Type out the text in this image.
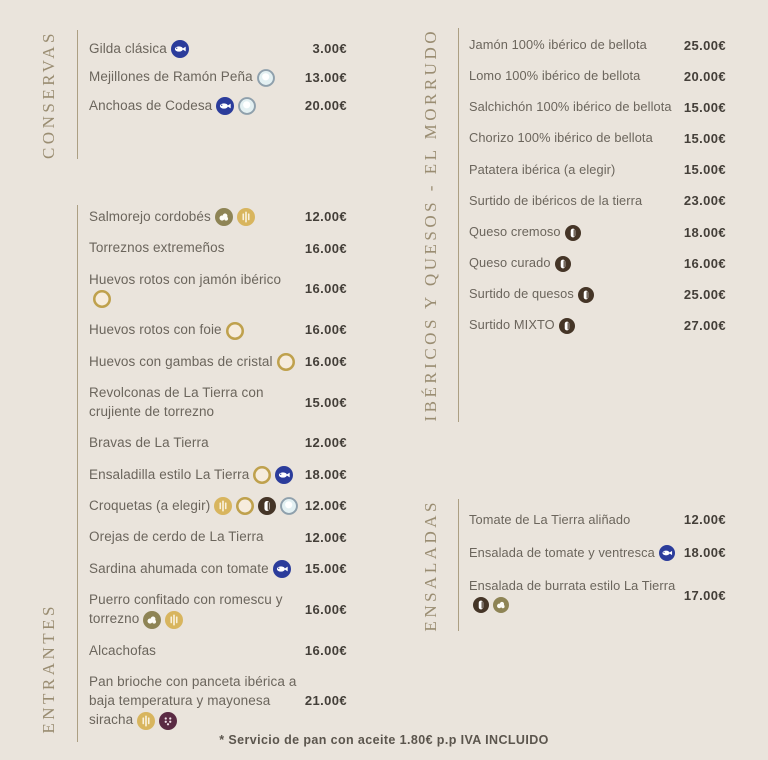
CONSERVAS Gilda clásica	3.00€
Mejillones de Ramón Peña	13.00€
Anchoas de Codesa	20.00€
ENTRANTES
Salmorejo cordobés	12.00€
Torreznos extremeños	16.00€
Huevos rotos con jamón ibérico
16.00€
Huevos rotos con foie	16.00€
Huevos con gambas de cristal	16.00€
Revolconas de La Tierra con crujiente de torrezno
15.00€
Bravas de La Tierra	12.00€
Ensaladilla estilo La Tierra	18.00€
Croquetas (a elegir)	12.00€
Orejas de cerdo de La Tierra	12.00€
Sardina ahumada con tomate	15.00€
Puerro confitado con romescu y torrezno
16.00€
Alcachofas	16.00€
Pan brioche con panceta ibérica a baja temperatura y mayonesa siracha
21.00€
IBÉRICOS Y QUESOS - EL MORRUDO Jamón 100% ibérico de bellota	25.00€
Lomo 100% ibérico de bellota	20.00€
Salchichón 100% ibérico de bellota 15.00€
Chorizo 100% ibérico de bellota	15.00€
Patatera ibérica (a elegir)	15.00€
Surtido de ibéricos de la tierra	23.00€
Queso cremoso	18.00€
Queso curado	16.00€
Surtido de quesos	25.00€
Surtido MIXTO	27.00€
ENSALADAS Tomate de La Tierra aliñado	12.00€
Ensalada de tomate y ventresca	18.00€
Ensalada de burrata estilo La Tierra
17.00€
* Servicio de pan con aceite 1.80€ p.p IVA INCLUIDO
